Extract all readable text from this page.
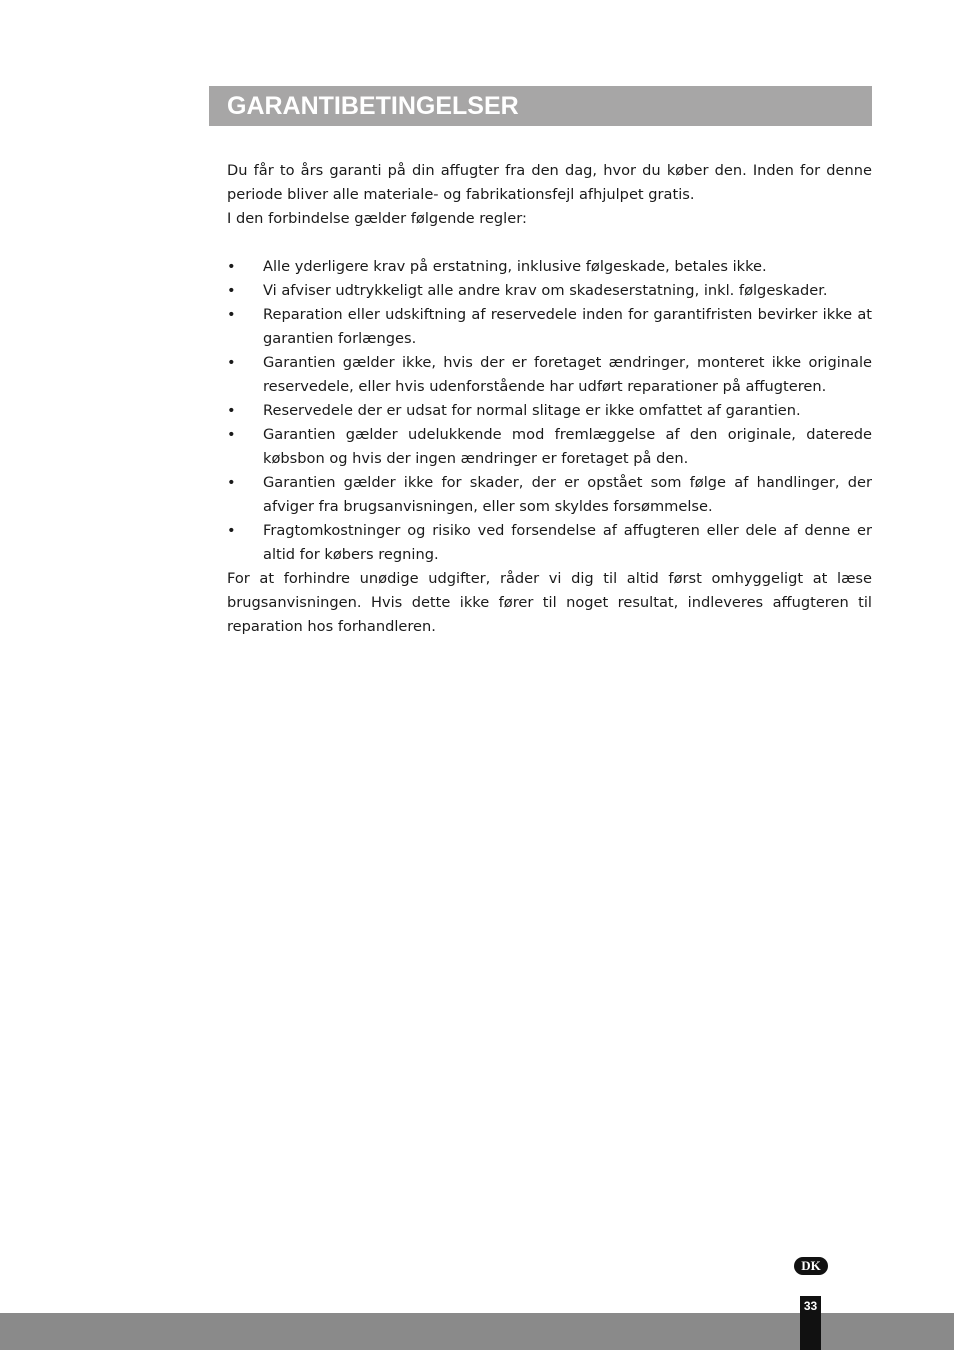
GARANTIBETINGELSER

Du får to års garanti på din affugter fra den dag, hvor du køber den. Inden for denne periode bliver alle materiale- og fabrikationsfejl afhjulpet gratis.

I den forbindelse gælder følgende regler:

• Alle yderligere krav på erstatning, inklusive følgeskade, betales ikke.
• Vi afviser udtrykkeligt alle andre krav om skadeserstatning, inkl. følgeskader.
• Reparation eller udskiftning af reservedele inden for garantifristen bevirker ikke at garantien forlænges.
• Garantien gælder ikke, hvis der er foretaget ændringer, monteret ikke originale reservedele, eller hvis udenforstående har udført reparationer på affugteren.
• Reservedele der er udsat for normal slitage er ikke omfattet af garantien.
• Garantien gælder udelukkende mod fremlæggelse af den originale, daterede købsbon og hvis der ingen ændringer er foretaget på den.
• Garantien gælder ikke for skader, der er opstået som følge af handlinger, der afviger fra brugsanvisningen, eller som skyldes forsømmelse.
• Fragtomkostninger og risiko ved forsendelse af affugteren eller dele af denne er altid for købers regning.

For at forhindre unødige udgifter, råder vi dig til altid først omhyggeligt at læse brugsanvisningen. Hvis dette ikke fører til noget resultat, indleveres affugteren til reparation hos forhandleren.

DK
33
